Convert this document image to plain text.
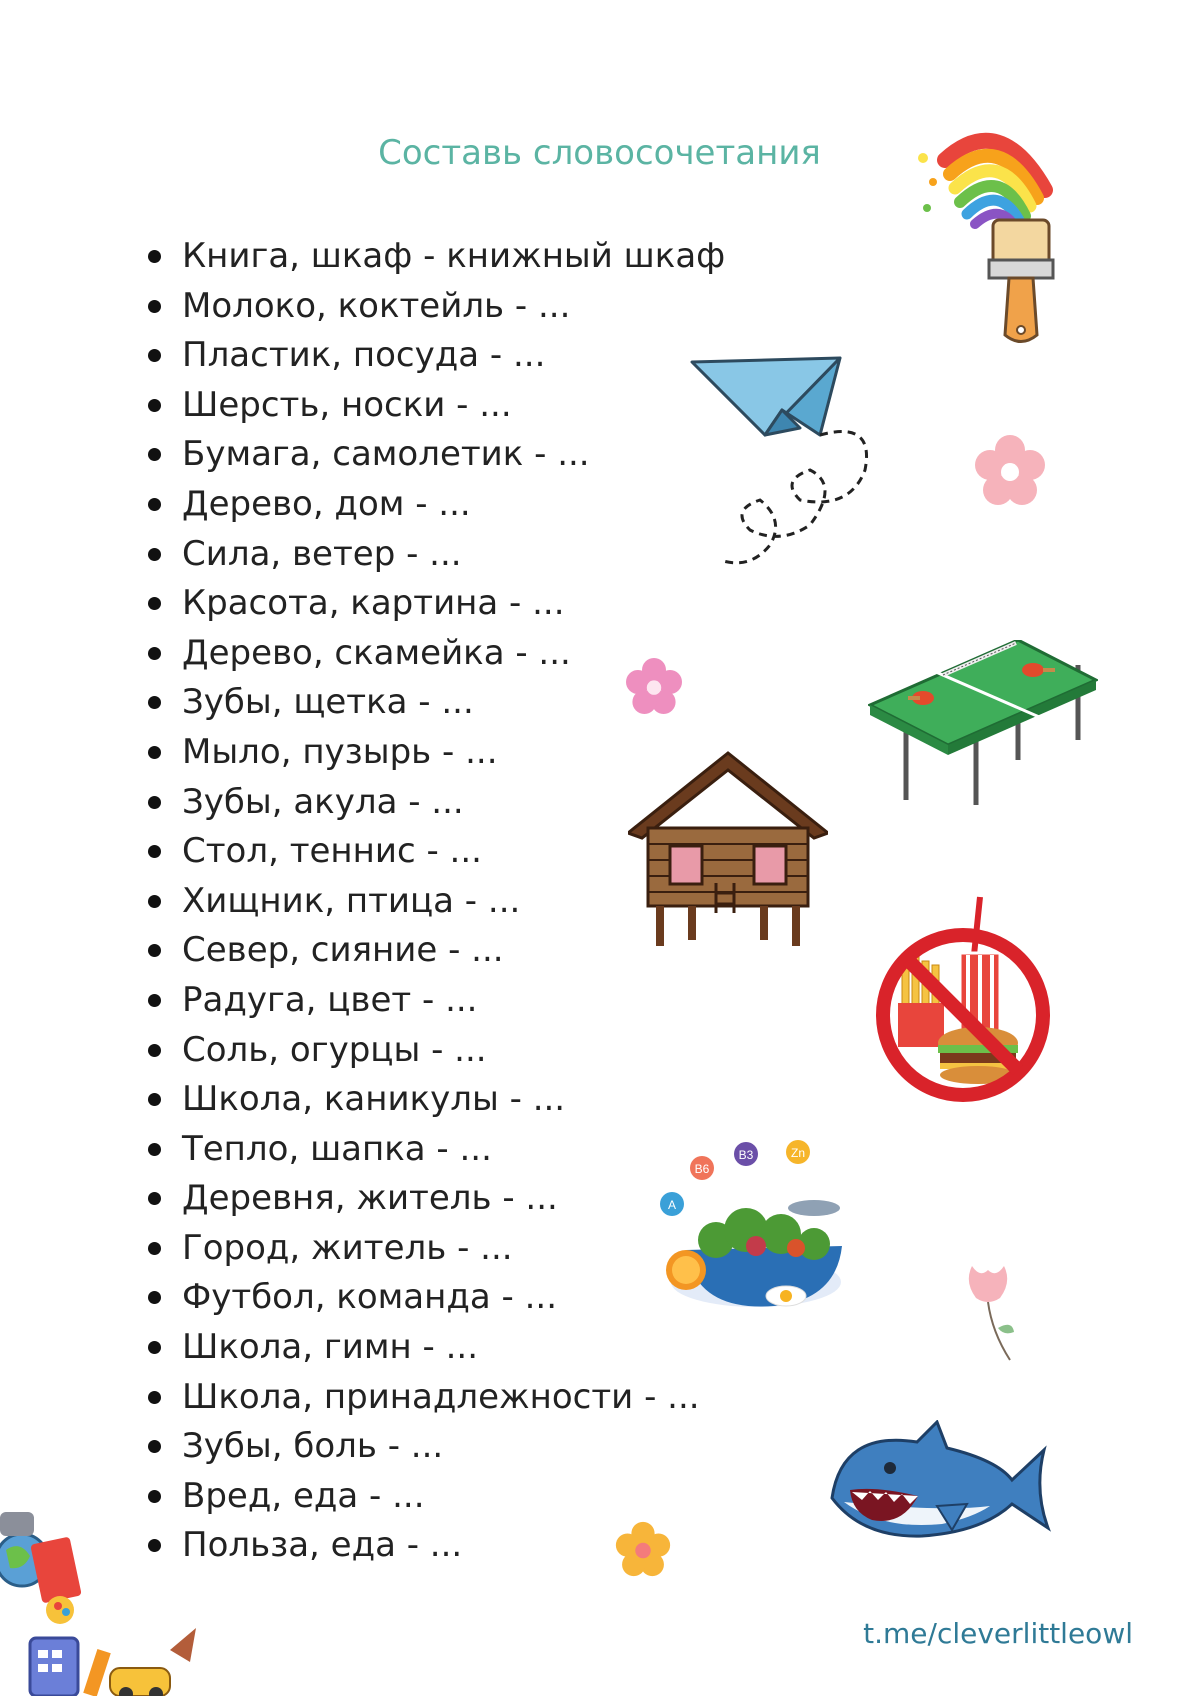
Составь словосочетания
Книга, шкаф - книжный шкаф
Молоко, коктейль - ...
Пластик, посуда - ...
Шерсть, носки - ...
Бумага, самолетик - ...
Дерево, дом - ...
Сила, ветер - ...
Красота, картина - ...
Дерево, скамейка - ...
Зубы, щетка - ...
Мыло, пузырь - ...
Зубы, акула - ...
Стол, теннис - ...
Хищник, птица - ...
Север, сияние - ...
Радуга, цвет - ...
Соль, огурцы - ...
Школа, каникулы - ...
Тепло, шапка - ...
Деревня, житель - ...
Город, житель - ...
Футбол, команда - ...
Школа, гимн - ...
Школа, принадлежности - ...
Зубы, боль - ...
Вред, еда - ...
Польза, еда - ...
B6
B3	Zn
A
t.me/cleverlittleowl
